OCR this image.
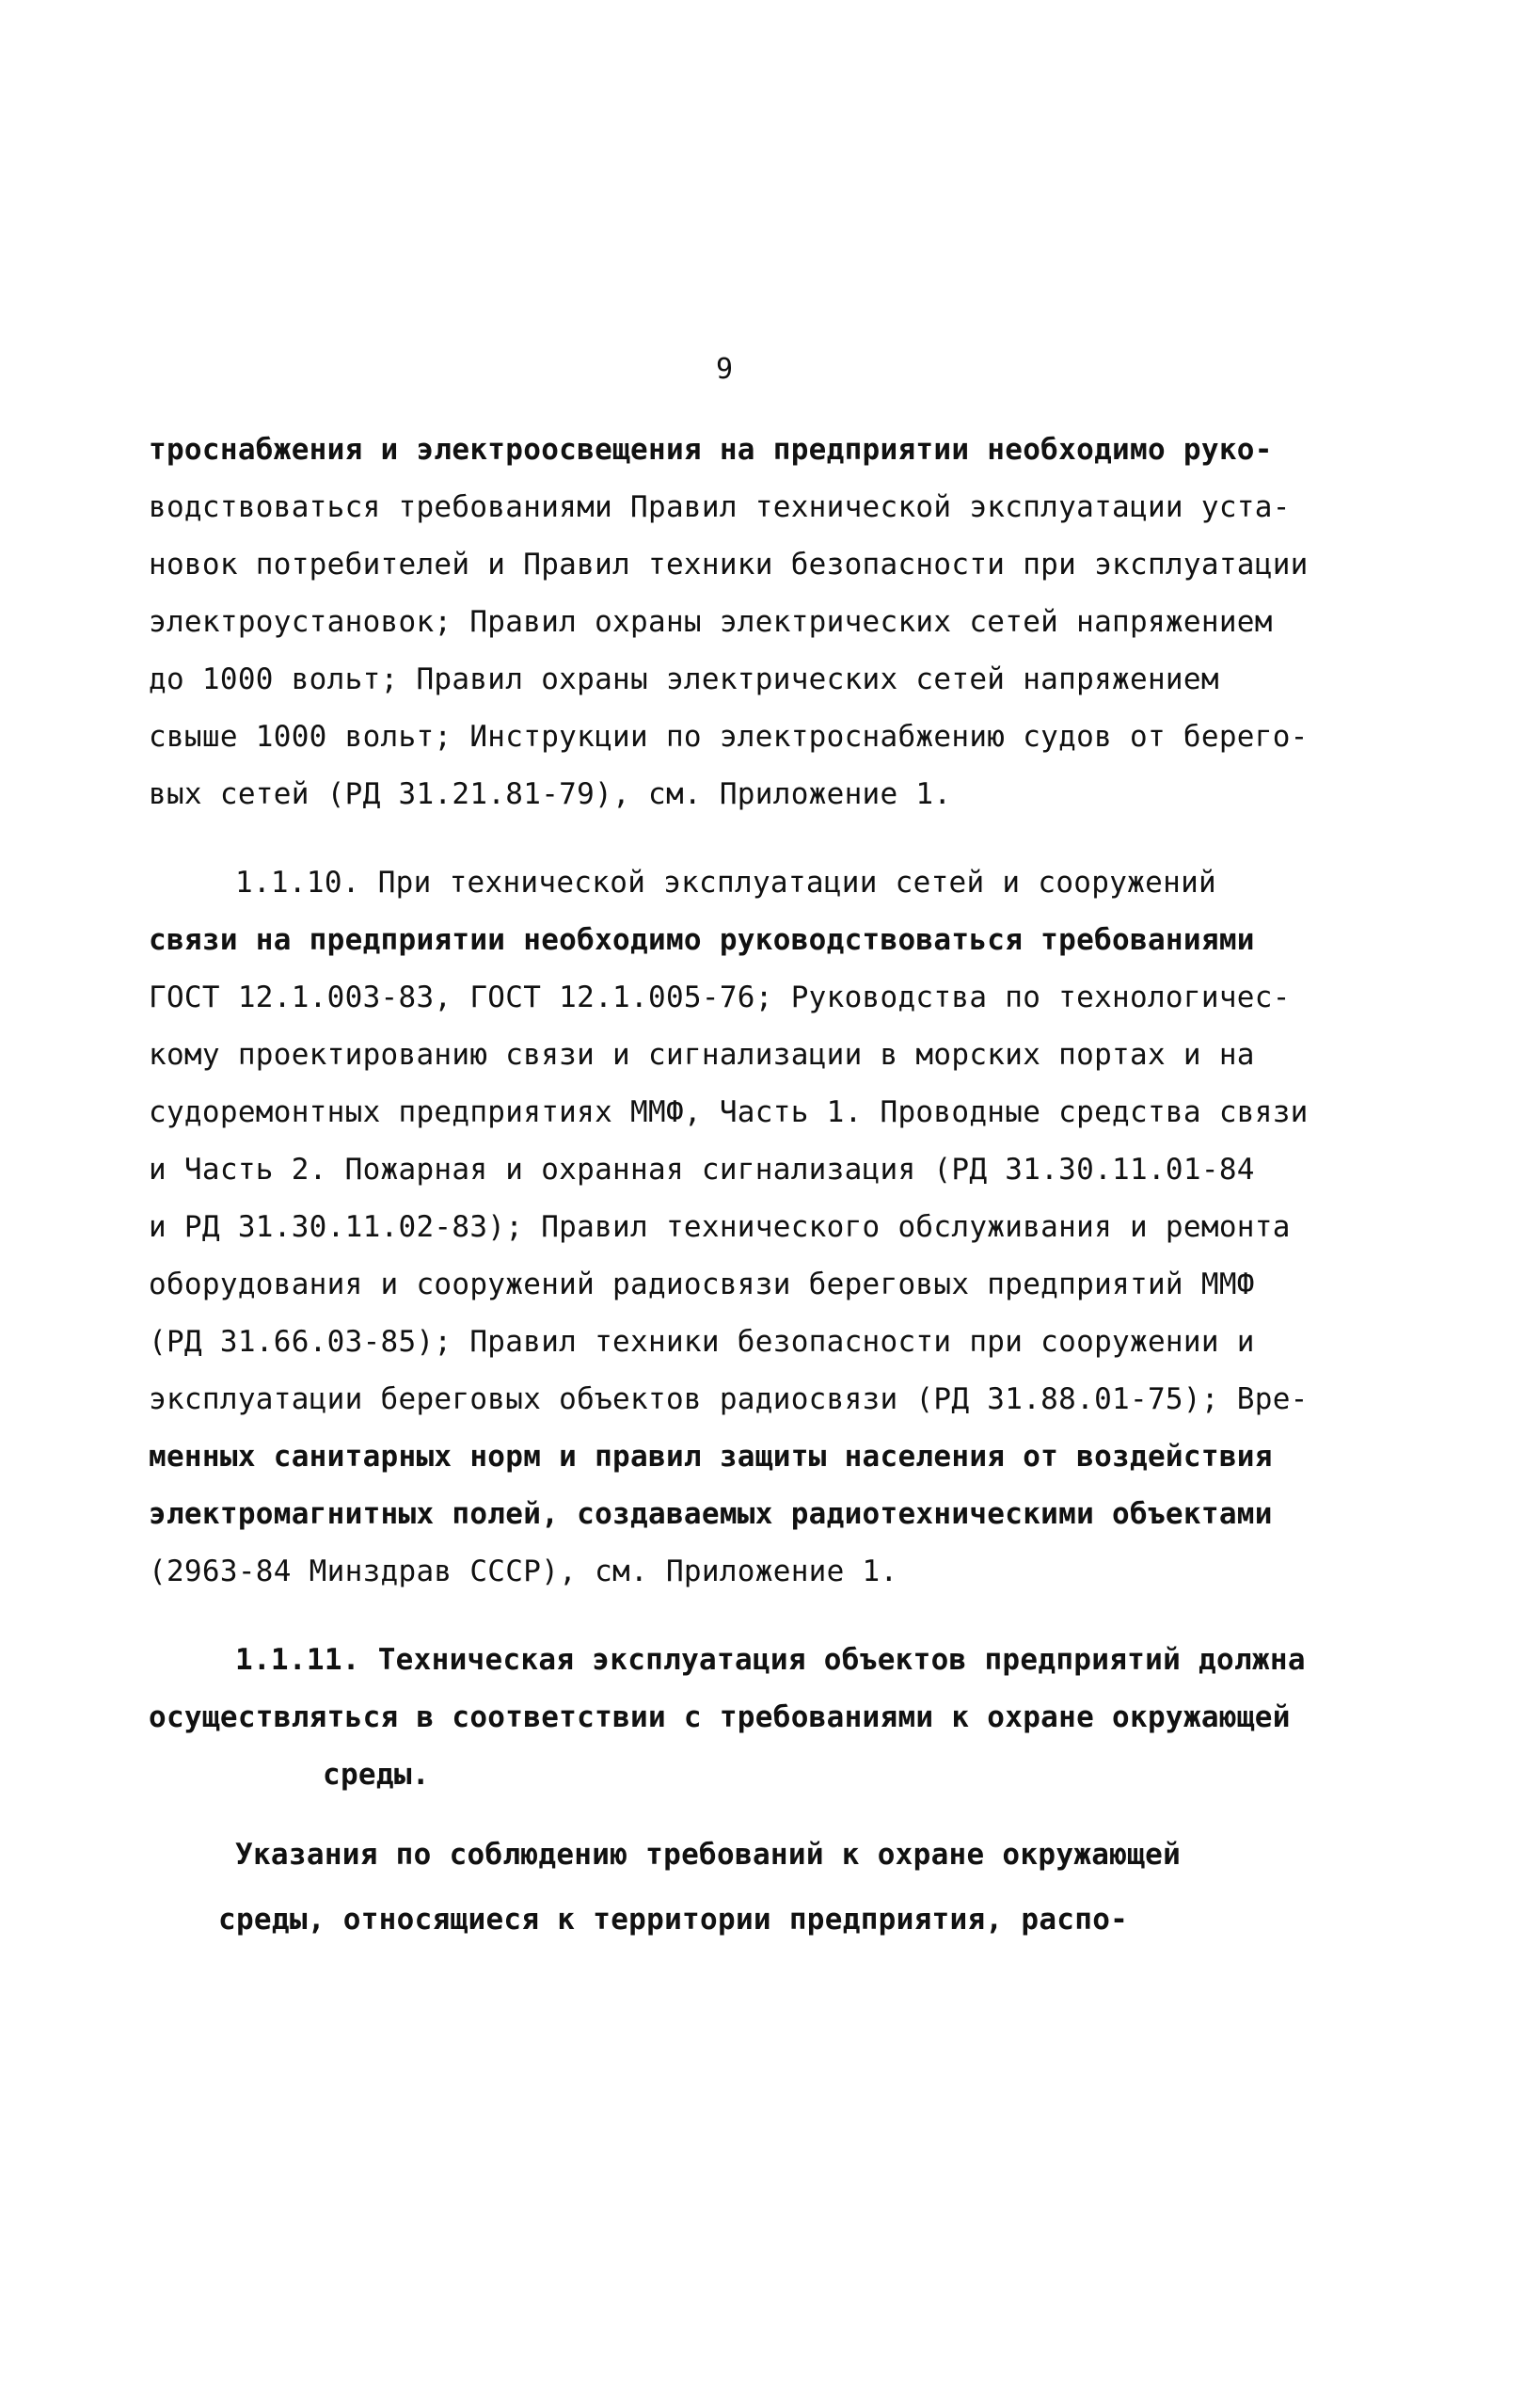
9
троснабжения и электроосвещения на предприятии необходимо руко-
водствоваться требованиями Правил технической эксплуатации уста-
новок потребителей и Правил техники безопасности при эксплуатации
электроустановок; Правил охраны электрических сетей напряжением
до 1000 вольт; Правил охраны электрических сетей напряжением
свыше 1000 вольт; Инструкции по электроснабжению судов от берего-
вых сетей (РД 31.21.81-79), см. Приложение 1.
1.1.10. При технической эксплуатации сетей и сооружений
связи на предприятии необходимо руководствоваться требованиями
ГОСТ 12.1.003-83, ГОСТ 12.1.005-76; Руководства по технологичес-
кому проектированию связи и сигнализации в морских портах и на
судоремонтных предприятиях ММФ, Часть 1. Проводные средства связи
и Часть 2. Пожарная и охранная сигнализация (РД 31.30.11.01-84
и РД 31.30.11.02-83); Правил технического обслуживания и ремонта
оборудования и сооружений радиосвязи береговых предприятий ММФ
(РД 31.66.03-85); Правил техники безопасности при сооружении и
эксплуатации береговых объектов радиосвязи (РД 31.88.01-75); Вре-
менных санитарных норм и правил защиты населения от воздействия
электромагнитных полей, создаваемых радиотехническими объектами
(2963-84 Минздрав СССР), см. Приложение 1.
1.1.11. Техническая эксплуатация объектов предприятий должна
осуществляться в соответствии с требованиями к охране окружающей
среды.
Указания по соблюдению требований к охране окружающей
среды, относящиеся к территории предприятия, распо-
